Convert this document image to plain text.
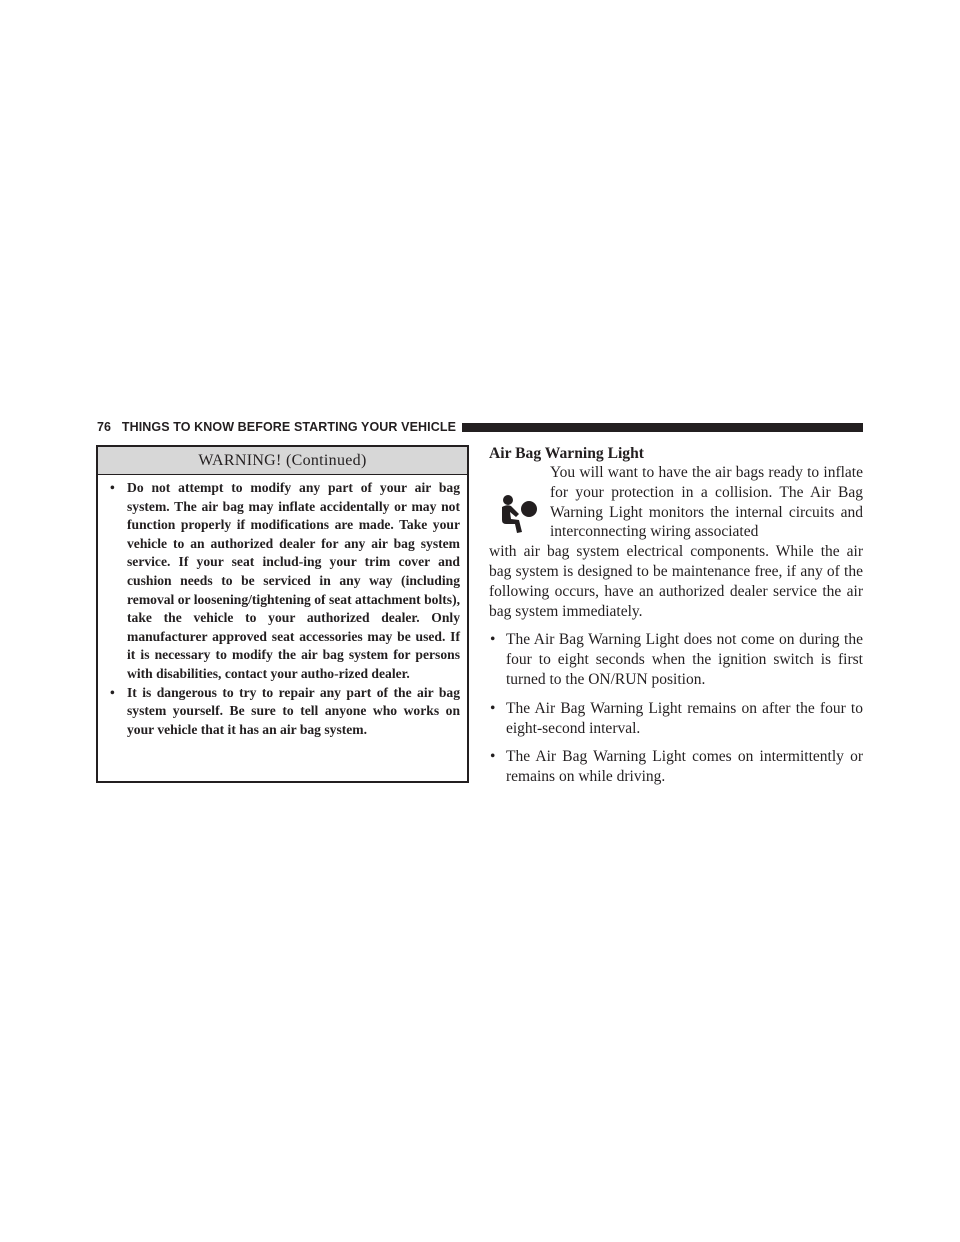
76 THINGS TO KNOW BEFORE STARTING YOUR VEHICLE
WARNING! (Continued)
• Do not attempt to modify any part of your air bag system. The air bag may inflate accidentally or may not function properly if modifications are made. Take your vehicle to an authorized dealer for any air bag system service. If your seat includ-ing your trim cover and cushion needs to be serviced in any way (including removal or loosening/tightening of seat attachment bolts), take the vehicle to your authorized dealer. Only manufacturer approved seat accessories may be used. If it is necessary to modify the air bag system for persons with disabilities, contact your autho-rized dealer.
• It is dangerous to try to repair any part of the air bag system yourself. Be sure to tell anyone who works on your vehicle that it has an air bag system.
Air Bag Warning Light

You will want to have the air bags ready to inflate for your protection in a collision. The Air Bag Warning Light monitors the internal circuits and interconnecting wiring associated

with air bag system electrical components. While the air bag system is designed to be maintenance free, if any of the following occurs, have an authorized dealer service the air bag system immediately.

• The Air Bag Warning Light does not come on during the four to eight seconds when the ignition switch is first turned to the ON/RUN position.
• The Air Bag Warning Light remains on after the four to eight-second interval.
• The Air Bag Warning Light comes on intermittently or remains on while driving.
